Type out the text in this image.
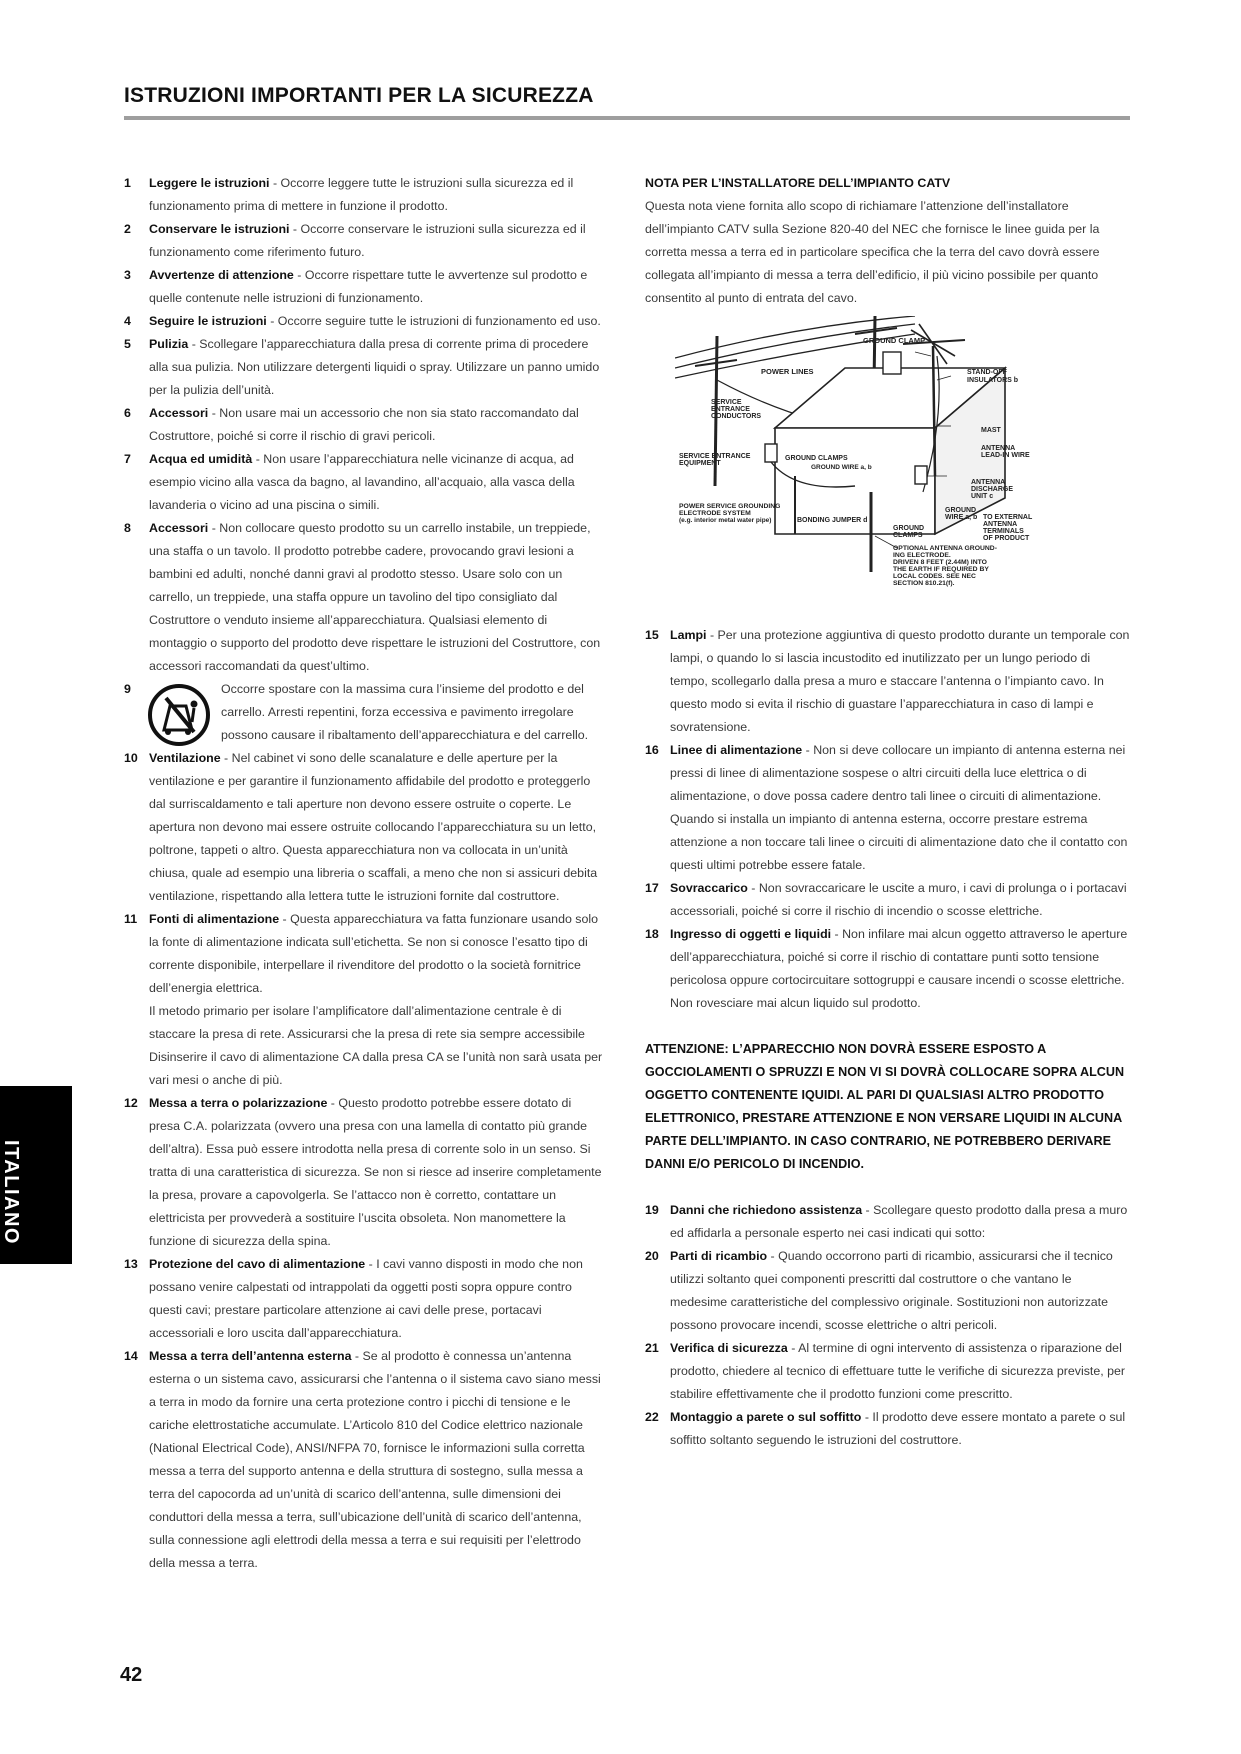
ISTRUZIONI IMPORTANTI PER LA SICUREZZA
1 Leggere le istruzioni - Occorre leggere tutte le istruzioni sulla sicurezza ed il funzionamento prima di mettere in funzione il prodotto.
2 Conservare le istruzioni - Occorre conservare le istruzioni sulla sicurezza ed il funzionamento come riferimento futuro.
3 Avvertenze di attenzione - Occorre rispettare tutte le avvertenze sul prodotto e quelle contenute nelle istruzioni di funzionamento.
4 Seguire le istruzioni - Occorre seguire tutte le istruzioni di funzionamento ed uso.
5 Pulizia - Scollegare l’apparecchiatura dalla presa di corrente prima di procedere alla sua pulizia. Non utilizzare detergenti liquidi o spray. Utilizzare un panno umido per la pulizia dell’unità.
6 Accessori - Non usare mai un accessorio che non sia stato raccomandato dal Costruttore, poiché si corre il rischio di gravi pericoli.
7 Acqua ed umidità - Non usare l’apparecchiatura nelle vicinanze di acqua, ad esempio vicino alla vasca da bagno, al lavandino, all’acquaio, alla vasca della lavanderia o vicino ad una piscina o simili.
8 Accessori - Non collocare questo prodotto su un carrello instabile, un treppiede, una staffa o un tavolo. Il prodotto potrebbe cadere, provocando gravi lesioni a bambini ed adulti, nonché danni gravi al prodotto stesso. Usare solo con un carrello, un treppiede, una staffa oppure un tavolino del tipo consigliato dal Costruttore o venduto insieme all’apparecchiatura. Qualsiasi elemento di montaggio o supporto del prodotto deve rispettare le istruzioni del Costruttore, con accessori raccomandati da quest’ultimo.
9	Occorre spostare con la massima cura l’insieme del prodotto e del carrello. Arresti repentini, forza eccessiva e pavimento irregolare possono causare il ribaltamento dell’apparecchiatura e del carrello.
10 Ventilazione - Nel cabinet vi sono delle scanalature e delle aperture per la ventilazione e per garantire il funzionamento affidabile del prodotto e proteggerlo dal surriscaldamento e tali aperture non devono essere ostruite o coperte. Le apertura non devono mai essere ostruite collocando l’apparecchiatura su un letto, poltrone, tappeti o altro. Questa apparecchiatura non va collocata in un’unità chiusa, quale ad esempio una libreria o scaffali, a meno che non si assicuri debita ventilazione, rispettando alla lettera tutte le istruzioni fornite dal costruttore.
11 Fonti di alimentazione - Questa apparecchiatura va fatta funzionare usando solo la fonte di alimentazione indicata sull’etichetta. Se non si conosce l’esatto tipo di corrente disponibile, interpellare il rivenditore del prodotto o la società fornitrice dell’energia elettrica.
Il metodo primario per isolare l’amplificatore dall’alimentazione centrale è di staccare la presa di rete. Assicurarsi che la presa di rete sia sempre accessibile Disinserire il cavo di alimentazione CA dalla presa CA se l’unità non sarà usata per vari mesi o anche di più.
12 Messa a terra o polarizzazione - Questo prodotto potrebbe essere dotato di presa C.A. polarizzata (ovvero una presa con una lamella di contatto più grande dell’altra). Essa può essere introdotta nella presa di corrente solo in un senso. Si tratta di una caratteristica di sicurezza. Se non si riesce ad inserire completamente la presa, provare a capovolgerla. Se l’attacco non è corretto, contattare un elettricista per provvederà a sostituire l’uscita obsoleta. Non manomettere la funzione di sicurezza della spina.
13 Protezione del cavo di alimentazione - I cavi vanno disposti in modo che non possano venire calpestati od intrappolati da oggetti posti sopra oppure contro questi cavi; prestare particolare attenzione ai cavi delle prese, portacavi accessoriali e loro uscita dall’apparecchiatura.
14 Messa a terra dell’antenna esterna - Se al prodotto è connessa un’antenna esterna o un sistema cavo, assicurarsi che l’antenna o il sistema cavo siano messi a terra in modo da fornire una certa protezione contro i picchi di tensione e le cariche elettrostatiche accumulate. L’Articolo 810 del Codice elettrico nazionale (National Electrical Code), ANSI/NFPA 70, fornisce le informazioni sulla corretta messa a terra del supporto antenna e della struttura di sostegno, sulla messa a terra del capocorda ad un’unità di scarico dell’antenna, sulle dimensioni dei conduttori della messa a terra, sull’ubicazione dell’unità di scarico dell’antenna, sulla connessione agli elettrodi della messa a terra e sui requisiti per l’elettrodo della messa a terra.
NOTA PER L’INSTALLATORE DELL’IMPIANTO CATV
Questa nota viene fornita allo scopo di richiamare l’attenzione dell’installatore dell’impianto CATV sulla Sezione 820-40 del NEC che fornisce le linee guida per la corretta messa a terra ed in particolare specifica che la terra del cavo dovrà essere collegata all’impianto di messa a terra dell’edificio, il più vicino possibile per quanto consentito al punto di entrata del cavo.
GROUND CLAMP
POWER LINES	STAND-OFF
INSULATORS b
SERVICE
ENTRANCE
CONDUCTORS
MAST
ANTENNA
LEAD-IN WIRE
SERVICE ENTRANCE
EQUIPMENT
GROUND CLAMPS
GROUND WIRE a, b
ANTENNA
DISCHARGE
UNIT c
POWER SERVICE GROUNDING
ELECTRODE SYSTEM
(e.g. interior metal water pipe)	BONDING JUMPER d
GROUND
WIRE a, b
GROUND
CLAMPS
TO EXTERNAL
ANTENNA
TERMINALS
OF PRODUCT
OPTIONAL ANTENNA GROUND-
ING ELECTRODE.
DRIVEN 8 FEET (2.44M) INTO
THE EARTH IF REQUIRED BY
LOCAL CODES. SEE NEC
SECTION 810.21(f).
15 Lampi - Per una protezione aggiuntiva di questo prodotto durante un temporale con lampi, o quando lo si lascia incustodito ed inutilizzato per un lungo periodo di tempo, scollegarlo dalla presa a muro e staccare l’antenna o l’impianto cavo. In questo modo si evita il rischio di guastare l’apparecchiatura in caso di lampi e sovratensione.
16 Linee di alimentazione - Non si deve collocare un impianto di antenna esterna nei pressi di linee di alimentazione sospese o altri circuiti della luce elettrica o di alimentazione, o dove possa cadere dentro tali linee o circuiti di alimentazione. Quando si installa un impianto di antenna esterna, occorre prestare estrema attenzione a non toccare tali linee o circuiti di alimentazione dato che il contatto con questi ultimi potrebbe essere fatale.
17 Sovraccarico - Non sovraccaricare le uscite a muro, i cavi di prolunga o i portacavi accessoriali, poiché si corre il rischio di incendio o scosse elettriche.
18 Ingresso di oggetti e liquidi - Non infilare mai alcun oggetto attraverso le aperture dell’apparecchiatura, poiché si corre il rischio di contattare punti sotto tensione pericolosa oppure cortocircuitare sottogruppi e causare incendi o scosse elettriche. Non rovesciare mai alcun liquido sul prodotto.
ATTENZIONE: L’APPARECCHIO NON DOVRÀ ESSERE ESPOSTO A GOCCIOLAMENTI O SPRUZZI E NON VI SI DOVRÀ COLLOCARE SOPRA ALCUN OGGETTO CONTENENTE IQUIDI. AL PARI DI QUALSIASI ALTRO PRODOTTO ELETTRONICO, PRESTARE ATTENZIONE E NON VERSARE LIQUIDI IN ALCUNA PARTE DELL’IMPIANTO. IN CASO CONTRARIO, NE POTREBBERO DERIVARE DANNI E/O PERICOLO DI INCENDIO.
19 Danni che richiedono assistenza - Scollegare questo prodotto dalla presa a muro ed affidarla a personale esperto nei casi indicati qui sotto:
20 Parti di ricambio - Quando occorrono parti di ricambio, assicurarsi che il tecnico utilizzi soltanto quei componenti prescritti dal costruttore o che vantano le medesime caratteristiche del complessivo originale. Sostituzioni non autorizzate possono provocare incendi, scosse elettriche o altri pericoli.
21 Verifica di sicurezza - Al termine di ogni intervento di assistenza o riparazione del prodotto, chiedere al tecnico di effettuare tutte le verifiche di sicurezza previste, per stabilire effettivamente che il prodotto funzioni come prescritto.
22 Montaggio a parete o sul soffitto - Il prodotto deve essere montato a parete o sul soffitto soltanto seguendo le istruzioni del costruttore.
ITALIANO
42
